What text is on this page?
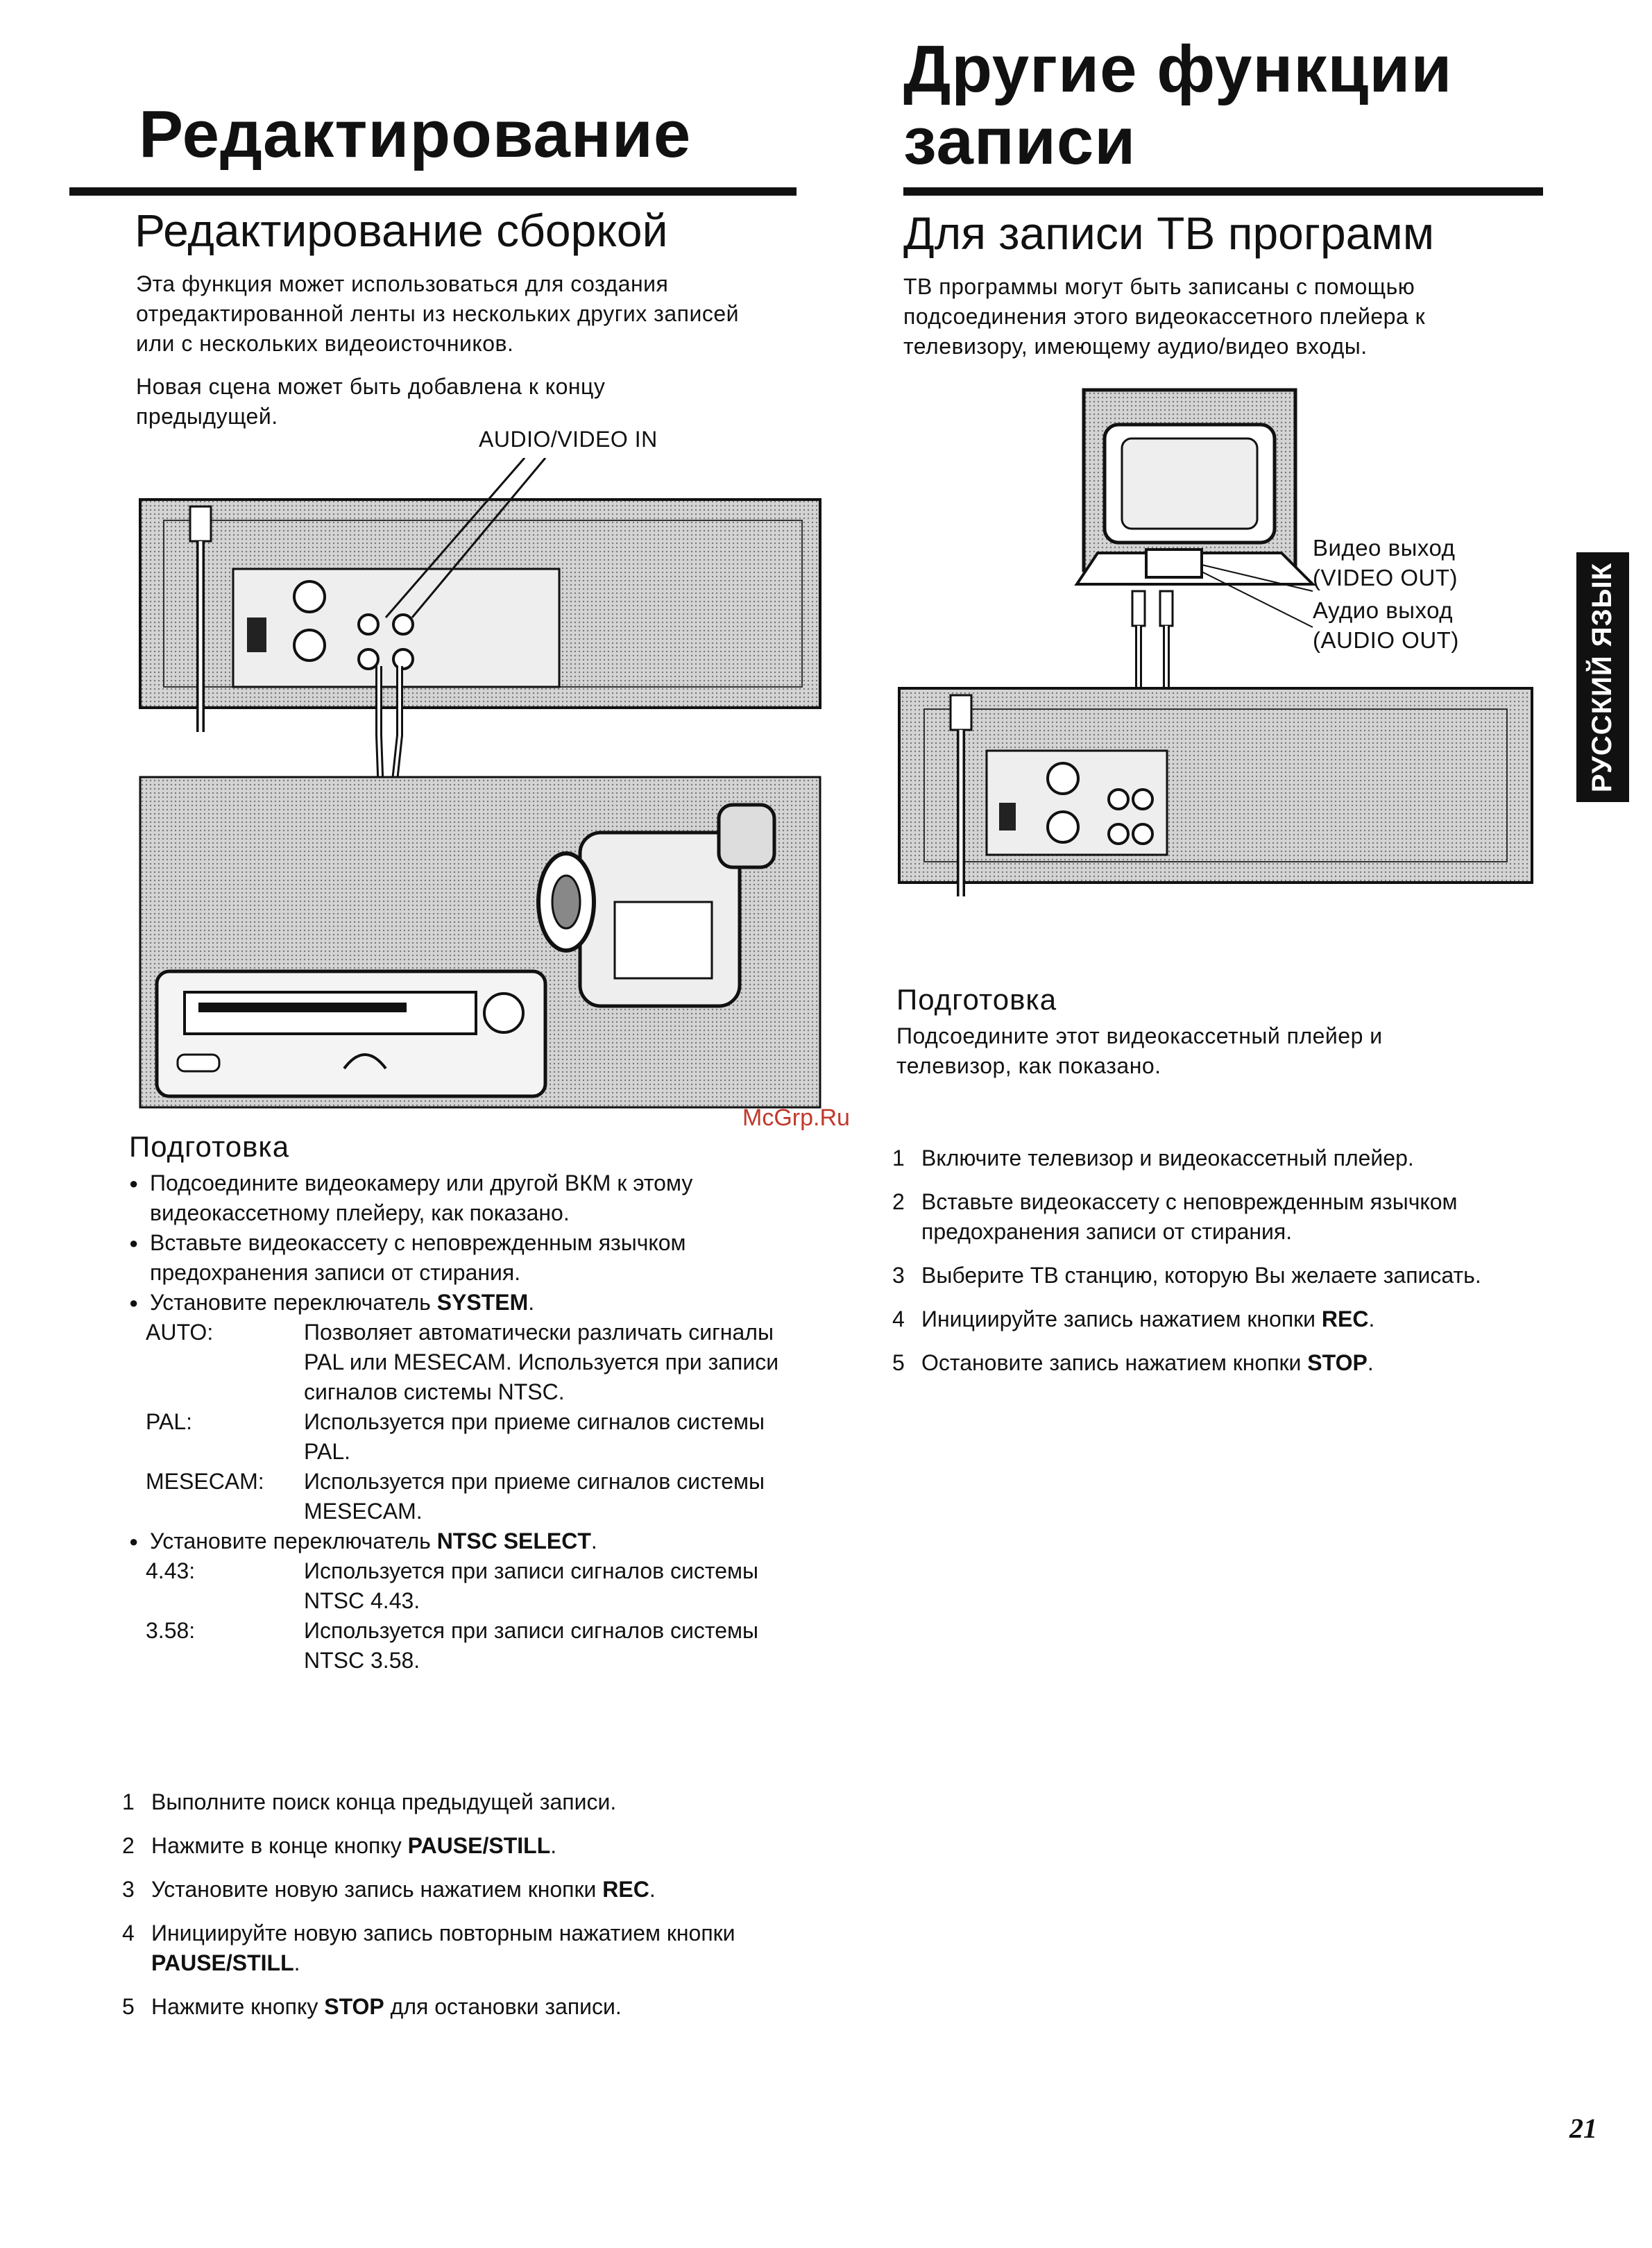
Редактирование
Редактирование сборкой
Эта функция может использоваться для создания отредактированной ленты из нескольких других записей или с нескольких видеоисточников.
Новая сцена может быть добавлена к концу предыдущей.
AUDIO/VIDEO IN
Подготовка
● Подсоедините видеокамеру или другой ВКМ к этому видеокассетному плейеру, как показано.
● Вставьте видеокассету с неповрежденным язычком предохранения записи от стирания.
● Установите переключатель SYSTEM.
AUTO:	Позволяет автоматически различать сигналы PAL или MESECAM. Используется при записи сигналов системы NTSC.
PAL:	Используется при приеме сигналов системы PAL.
MESECAM:	Используется при приеме сигналов системы MESECAM.
● Установите переключатель NTSC SELECT.
4.43:	Используется при записи сигналов системы NTSC 4.43.
3.58:	Используется при записи сигналов системы NTSC 3.58.
1 Выполните поиск конца предыдущей записи.
2 Нажмите в конце кнопку PAUSE/STILL.
3 Установите новую запись нажатием кнопки REC.
4 Инициируйте новую запись повторным нажатием кнопки PAUSE/STILL.
5 Нажмите кнопку STOP для остановки записи.
Другие функции
записи
Для записи ТВ программ
ТВ программы могут быть записаны с помощью подсоединения этого видеокассетного плейера к телевизору, имеющему аудио/видео входы.
Видео выход
(VIDEO OUT)
Аудио выход
(AUDIO OUT)
Подготовка
Подсоедините этот видеокассетный плейер и телевизор, как показано.
1 Включите телевизор и видеокассетный плейер.
2 Вставьте видеокассету с неповрежденным язычком предохранения записи от стирания.
3 Выберите ТВ станцию, которую Вы желаете записать.
4 Инициируйте запись нажатием кнопки REC.
5 Остановите запись нажатием кнопки STOP.
РУССКИЙ ЯЗЫК
McGrp.Ru
21
